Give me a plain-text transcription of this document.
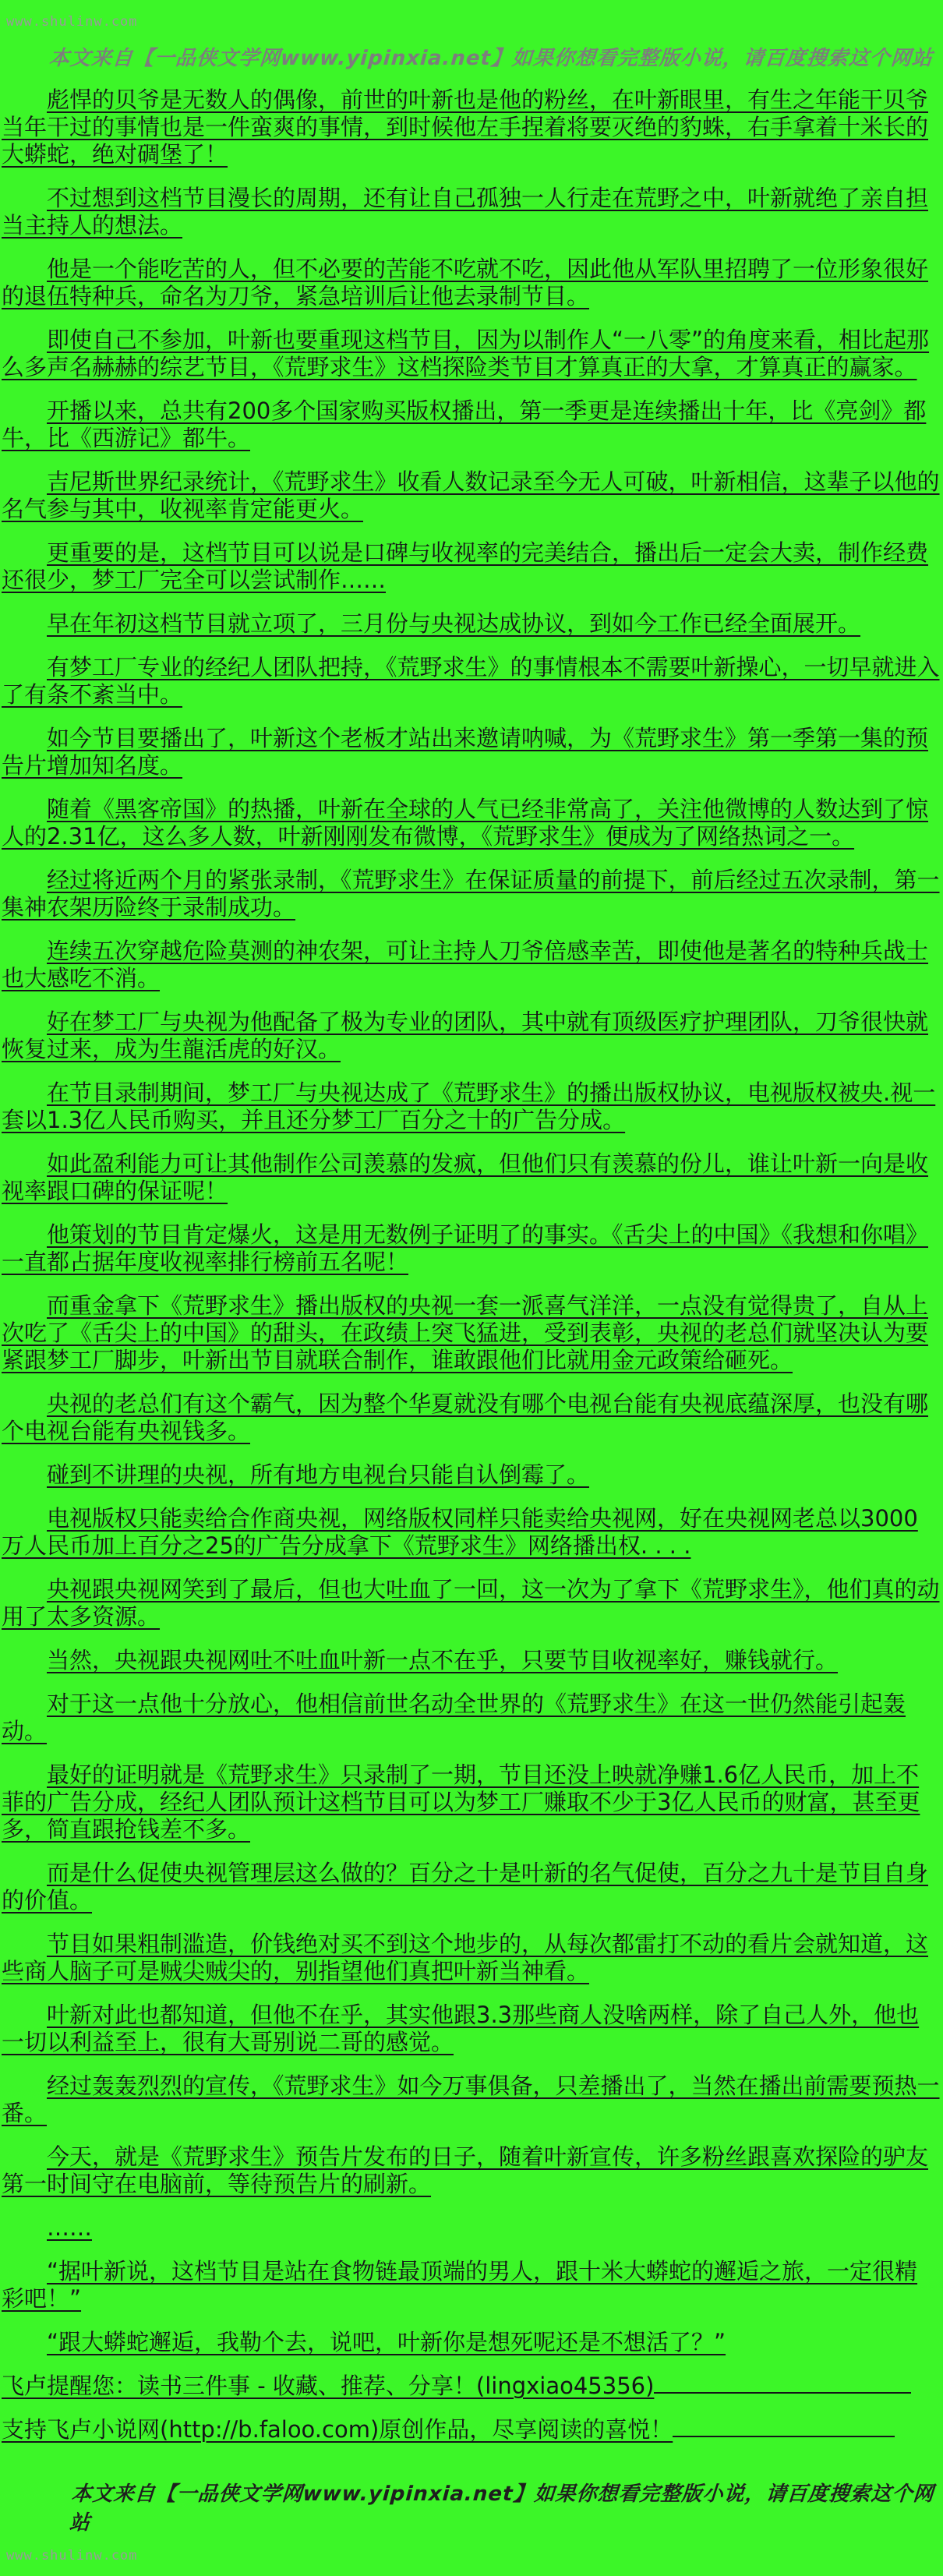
www.shulinw.com
本文来自【一品侠文学网www.yipinxia.net】如果你想看完整版小说，请百度搜索这个网站

彪悍的贝爷是无数人的偶像，前世的叶新也是他的粉丝，在叶新眼里，有生之年能干贝爷当年干过的事情也是一件蛮爽的事情，到时候他左手捏着将要灭绝的豹蛛，右手拿着十米长的大蟒蛇，绝对碉堡了！

不过想到这档节目漫长的周期，还有让自己孤独一人行走在荒野之中，叶新就绝了亲自担当主持人的想法。

他是一个能吃苦的人，但不必要的苦能不吃就不吃，因此他从军队里招聘了一位形象很好的退伍特种兵，命名为刀爷，紧急培训后让他去录制节目。

即使自己不参加，叶新也要重现这档节目，因为以制作人“一八零”的角度来看，相比起那么多声名赫赫的综艺节目，《荒野求生》这档探险类节目才算真正的大拿，才算真正的赢家。

开播以来，总共有200多个国家购买版权播出，第一季更是连续播出十年，比《亮剑》都牛，比《西游记》都牛。

吉尼斯世界纪录统计，《荒野求生》收看人数记录至今无人可破，叶新相信，这辈子以他的名气参与其中，收视率肯定能更火。

更重要的是，这档节目可以说是口碑与收视率的完美结合，播出后一定会大卖，制作经费还很少，梦工厂完全可以尝试制作……

早在年初这档节目就立项了，三月份与央视达成协议，到如今工作已经全面展开。

有梦工厂专业的经纪人团队把持，《荒野求生》的事情根本不需要叶新操心，一切早就进入了有条不紊当中。

如今节目要播出了，叶新这个老板才站出来邀请呐喊，为《荒野求生》第一季第一集的预告片增加知名度。

随着《黑客帝国》的热播，叶新在全球的人气已经非常高了，关注他微博的人数达到了惊人的2.31亿，这么多人数，叶新刚刚发布微博，《荒野求生》便成为了网络热词之一。

经过将近两个月的紧张录制，《荒野求生》在保证质量的前提下，前后经过五次录制，第一集神农架历险终于录制成功。

连续五次穿越危险莫测的神农架，可让主持人刀爷倍感幸苦，即使他是著名的特种兵战士也大感吃不消。

好在梦工厂与央视为他配备了极为专业的团队，其中就有顶级医疗护理团队，刀爷很快就恢复过来，成为生龍活虎的好汉。

在节目录制期间，梦工厂与央视达成了《荒野求生》的播出版权协议，电视版权被央.视一套以1.3亿人民币购买，并且还分梦工厂百分之十的广告分成。

如此盈利能力可让其他制作公司羡慕的发疯，但他们只有羡慕的份儿，谁让叶新一向是收视率跟口碑的保证呢！

他策划的节目肯定爆火，这是用无数例子证明了的事实。《舌尖上的中国》《我想和你唱》一直都占据年度收视率排行榜前五名呢！

而重金拿下《荒野求生》播出版权的央视一套一派喜气洋洋，一点没有觉得贵了，自从上次吃了《舌尖上的中国》的甜头，在政绩上突飞猛进，受到表彰，央视的老总们就坚决认为要紧跟梦工厂脚步，叶新出节目就联合制作，谁敢跟他们比就用金元政策给砸死。

央视的老总们有这个霸气，因为整个华夏就没有哪个电视台能有央视底蕴深厚，也没有哪个电视台能有央视钱多。

碰到不讲理的央视，所有地方电视台只能自认倒霉了。

电视版权只能卖给合作商央视，网络版权同样只能卖给央视网，好在央视网老总以3000万人民币加上百分之25的广告分成拿下《荒野求生》网络播出权. . . .

央视跟央视网笑到了最后，但也大吐血了一回，这一次为了拿下《荒野求生》，他们真的动用了太多资源。

当然，央视跟央视网吐不吐血叶新一点不在乎，只要节目收视率好，赚钱就行。

对于这一点他十分放心，他相信前世名动全世界的《荒野求生》在这一世仍然能引起轰动。

最好的证明就是《荒野求生》只录制了一期，节目还没上映就净赚1.6亿人民币，加上不菲的广告分成，经纪人团队预计这档节目可以为梦工厂赚取不少于3亿人民币的财富，甚至更多，简直跟抢钱差不多。

而是什么促使央视管理层这么做的？百分之十是叶新的名气促使，百分之九十是节目自身的价值。

节目如果粗制滥造，价钱绝对买不到这个地步的，从每次都雷打不动的看片会就知道，这些商人脑子可是贼尖贼尖的，别指望他们真把叶新当神看。

叶新对此也都知道，但他不在乎，其实他跟3.3那些商人没啥两样，除了自己人外，他也一切以利益至上，很有大哥别说二哥的感觉。

经过轰轰烈烈的宣传，《荒野求生》如今万事俱备，只差播出了，当然在播出前需要预热一番。

今天，就是《荒野求生》预告片发布的日子，随着叶新宣传，许多粉丝跟喜欢探险的驴友第一时间守在电脑前，等待预告片的刷新。

……

“据叶新说，这档节目是站在食物链最顶端的男人，跟十米大蟒蛇的邂逅之旅，一定很精彩吧！”

“跟大蟒蛇邂逅，我勒个去，说吧，叶新你是想死呢还是不想活了？”

飞卢提醒您：读书三件事 - 收藏、推荐、分享！(lingxiao45356)
支持飞卢小说网(http://b.faloo.com)原创作品，尽享阅读的喜悦！
本文来自【一品侠文学网www.yipinxia.net】如果你想看完整版小说，请百度搜索这个网站
www.shulinw.com
